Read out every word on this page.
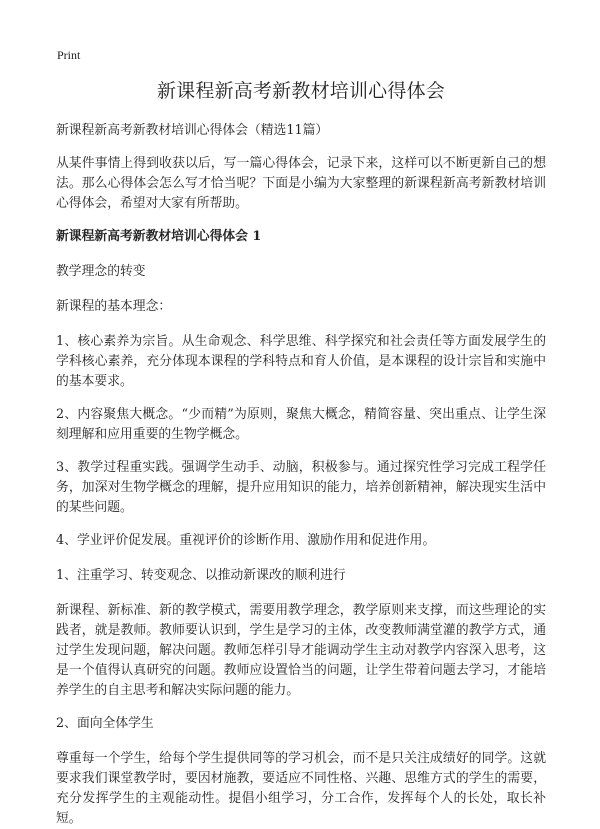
Print
新课程新高考新教材培训心得体会

新课程新高考新教材培训心得体会（精选11篇）

从某件事情上得到收获以后，写一篇心得体会，记录下来，这样可以不断更新自己的想法。那么心得体会怎么写才恰当呢？下面是小编为大家整理的新课程新高考新教材培训心得体会，希望对大家有所帮助。

新课程新高考新教材培训心得体会 1

教学理念的转变

新课程的基本理念：

1、核心素养为宗旨。从生命观念、科学思维、科学探究和社会责任等方面发展学生的学科核心素养，充分体现本课程的学科特点和育人价值，是本课程的设计宗旨和实施中的基本要求。

2、内容聚焦大概念。“少而精”为原则，聚焦大概念，精简容量、突出重点、让学生深刻理解和应用重要的生物学概念。

3、教学过程重实践。强调学生动手、动脑，积极参与。通过探究性学习完成工程学任务，加深对生物学概念的理解，提升应用知识的能力，培养创新精神，解决现实生活中的某些问题。

4、学业评价促发展。重视评价的诊断作用、激励作用和促进作用。

1、注重学习、转变观念、以推动新课改的顺利进行

新课程、新标准、新的教学模式，需要用教学理念，教学原则来支撑，而这些理论的实践者，就是教师。教师要认识到，学生是学习的主体，改变教师满堂灌的教学方式，通过学生发现问题，解决问题。教师怎样引导才能调动学生主动对教学内容深入思考，这是一个值得认真研究的问题。教师应设置恰当的问题，让学生带着问题去学习，才能培养学生的自主思考和解决实际问题的能力。

2、面向全体学生

尊重每一个学生，给每个学生提供同等的学习机会，而不是只关注成绩好的同学。这就要求我们课堂教学时，要因材施教，要适应不同性格、兴趣、思维方式的学生的需要，充分发挥学生的主观能动性。提倡小组学习，分工合作，发挥每个人的长处，取长补短。
